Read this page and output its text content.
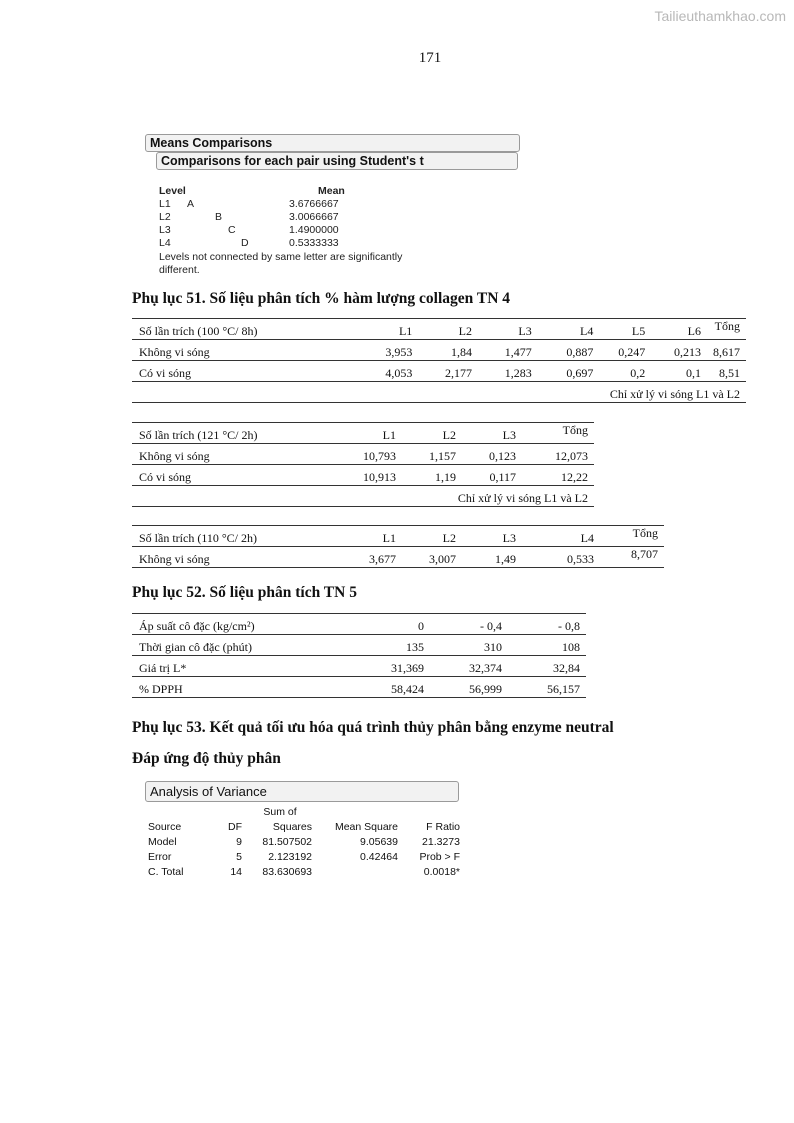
Tailieuthamkhao.com
171
Means Comparisons
Comparisons for each pair using Student's t
Level	Mean
L1 A	3.6766667
L2	B	3.0066667
L3	C	1.4900000
L4	D	0.5333333
Levels not connected by same letter are significantly
different.
Phụ lục 51. Số liệu phân tích % hàm lượng collagen TN 4
Số lần trích (100 °C/ 8h)	L1	L2	L3	L4	L5	L6	Tổng
Không vi sóng	3,953	1,84	1,477	0,887	0,247	0,213	8,617
Có vi sóng	4,053	2,177	1,283	0,697	0,2	0,1	8,51
Chỉ xử lý vi sóng L1 và L2							
Số lần trích (121 °C/ 2h)	L1	L2	L3	Tổng
Không vi sóng	10,793	1,157	0,123	12,073
Có vi sóng	10,913	1,19	0,117	12,22
Chỉ xử lý vi sóng L1 và L2				
Số lần trích (110 °C/ 2h)	L1	L2	L3	L4	Tổng
Không vi sóng	3,677	3,007	1,49	0,533	8,707
Phụ lục 52. Số liệu phân tích TN 5
Áp suất cô đặc (kg/cm²)	0	- 0,4	- 0,8
Thời gian cô đặc (phút)	135	310	108
Giá trị L*	31,369	32,374	32,84
% DPPH	58,424	56,999	56,157
Phụ lục 53. Kết quả tối ưu hóa quá trình thủy phân bằng enzyme neutral
Đáp ứng độ thủy phân
Analysis of Variance
		Sum of		
Source	DF	Squares	Mean Square	F Ratio
Model	9	81.507502	9.05639	21.3273
Error	5	2.123192	0.42464	Prob > F
C. Total	14	83.630693		0.0018*
